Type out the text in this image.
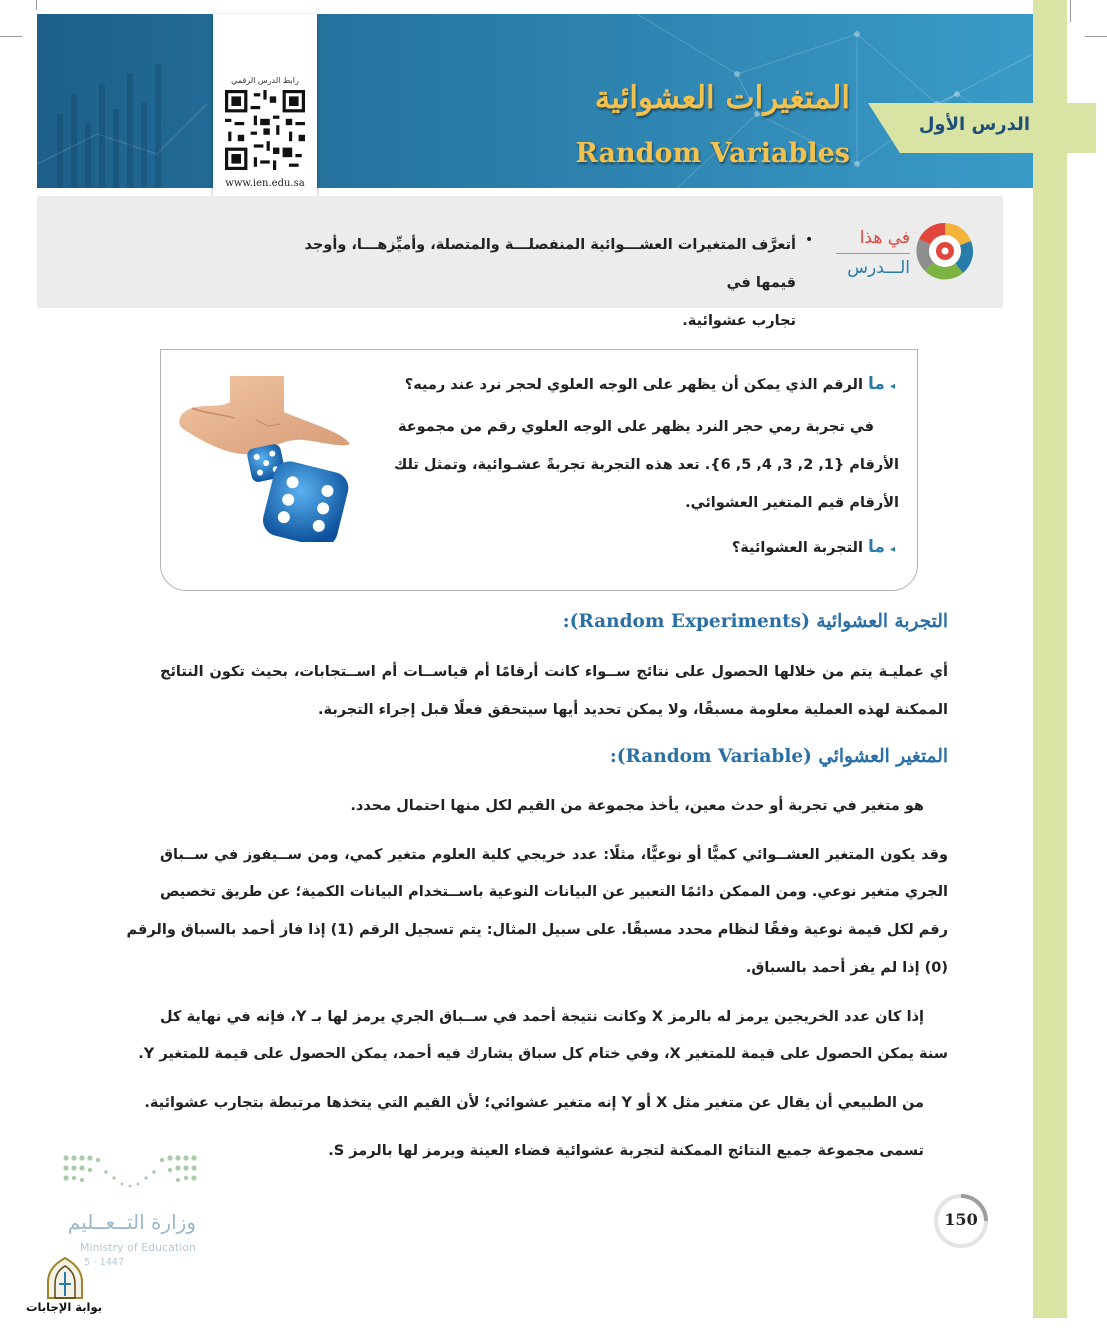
رابط الدرس الرقمي
www.ien.edu.sa
المتغيرات العشوائية
Random Variables
الدرس الأول
في هذا
الـــدرس
•
أتعرَّف المتغيرات العشـــوائية المنفصلـــة والمتصلة، وأميِّزهـــا، وأوجد قيمها في
تجارب عشوائية.
◂ ما الرقم الذي يمكن أن يظهر على الوجه العلوي لحجر نرد عند رميه؟
في تجربة رمي حجر النرد يظهر على الوجه العلوي رقم من مجموعة
الأرقام {1, 2, 3, 4, 5, 6}. تعد هذه التجربة تجربةً عشـوائية، وتمثل تلك
الأرقام قيم المتغير العشوائي.
◂ ما التجربة العشوائية؟
التجربة العشوائية (Random Experiments):
أي عمليـة يتم من خلالها الحصول على نتائج ســواء كانت أرقامًا أم قياســات أم اســتجابات، بحيث تكون النتائج
الممكنة لهذه العملية معلومة مسبقًا، ولا يمكن تحديد أيها سيتحقق فعلًا قبل إجراء التجربة.
المتغير العشوائي (Random Variable):
هو متغير في تجربة أو حدث معين، يأخذ مجموعة من القيم لكل منها احتمال محدد.
وقد يكون المتغير العشــوائي كميًّا أو نوعيًّا، مثلًا: عدد خريجي كلية العلوم متغير كمي، ومن ســيفوز في ســباق
الجري متغير نوعي. ومن الممكن دائمًا التعبير عن البيانات النوعية باســتخدام البيانات الكمية؛ عن طريق تخصيص
رقم لكل قيمة نوعية وفقًا لنظام محدد مسبقًا. على سبيل المثال: يتم تسجيل الرقم (1) إذا فاز أحمد بالسباق والرقم
(0) إذا لم يفز أحمد بالسباق.
إذا كان عدد الخريجين يرمز له بالرمز X وكانت نتيجة أحمد في ســباق الجري يرمز لها بـ Y، فإنه في نهاية كل
سنة يمكن الحصول على قيمة للمتغير X، وفي ختام كل سباق يشارك فيه أحمد، يمكن الحصول على قيمة للمتغير Y.
من الطبيعي أن يقال عن متغير مثل X أو Y إنه متغير عشوائي؛ لأن القيم التي يتخذها مرتبطة بتجارب عشوائية.
تسمى مجموعة جميع النتائج الممكنة لتجربة عشوائية فضاء العينة ويرمز لها بالرمز S.
وزارة التــعــليم
Ministry of Education
5 - 1447
بوابة الإجابات
150
